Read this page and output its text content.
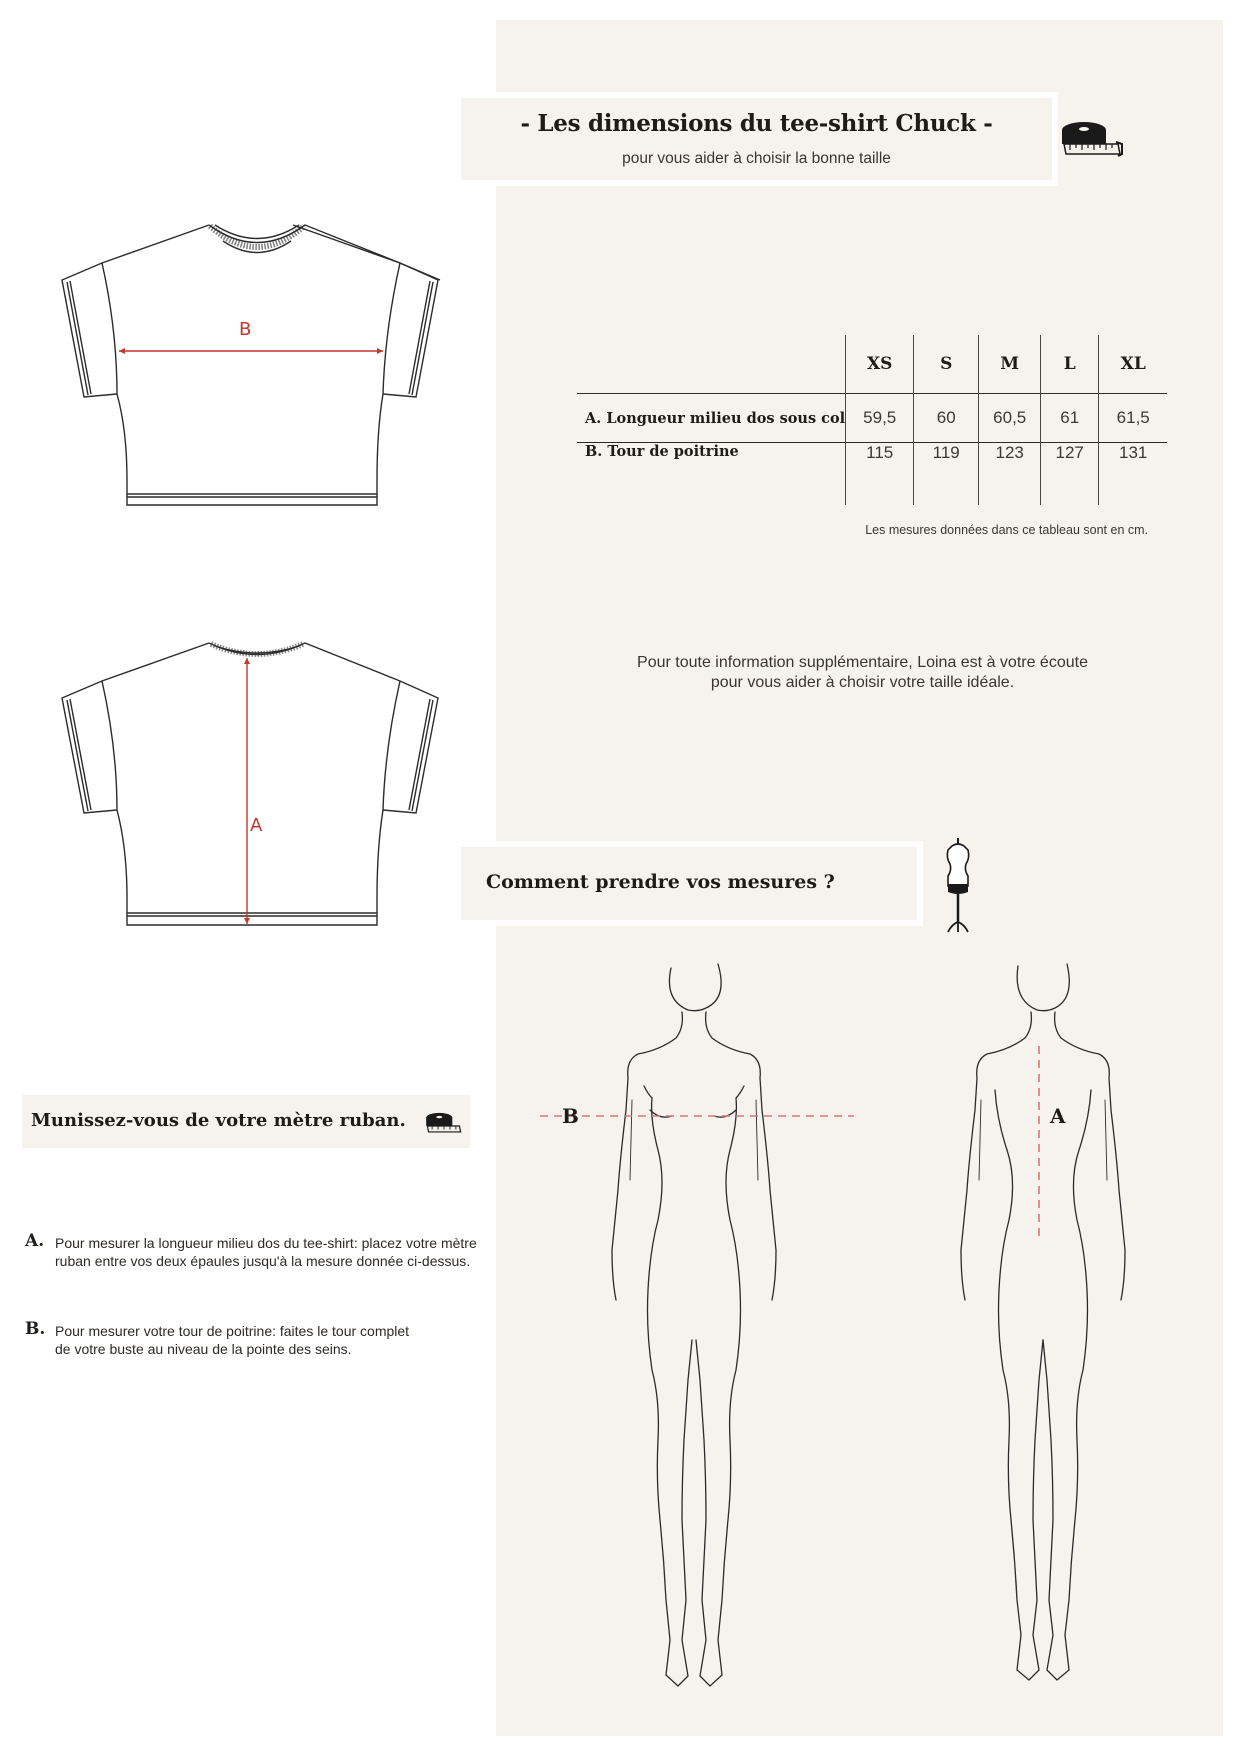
- Les dimensions du tee-shirt Chuck -
pour vous aider à choisir la bonne taille
B
A
	XS	S	M	L	XL
A. Longueur milieu dos sous col	59,5	60	60,5	61	61,5
B. Tour de poitrine	115	119	123	127	131
Les mesures données dans ce tableau sont en cm.
Pour toute information supplémentaire, Loina est à votre écoute
pour vous aider à choisir votre taille idéale.
Comment prendre vos mesures ?
Munissez-vous de votre mètre ruban.
A. Pour mesurer la longueur milieu dos du tee-shirt: placez votre mètre ruban entre vos deux épaules jusqu'à la mesure donnée ci-dessus.
B. Pour mesurer votre tour de poitrine: faites le tour complet de votre buste au niveau de la pointe des seins.
B	A
